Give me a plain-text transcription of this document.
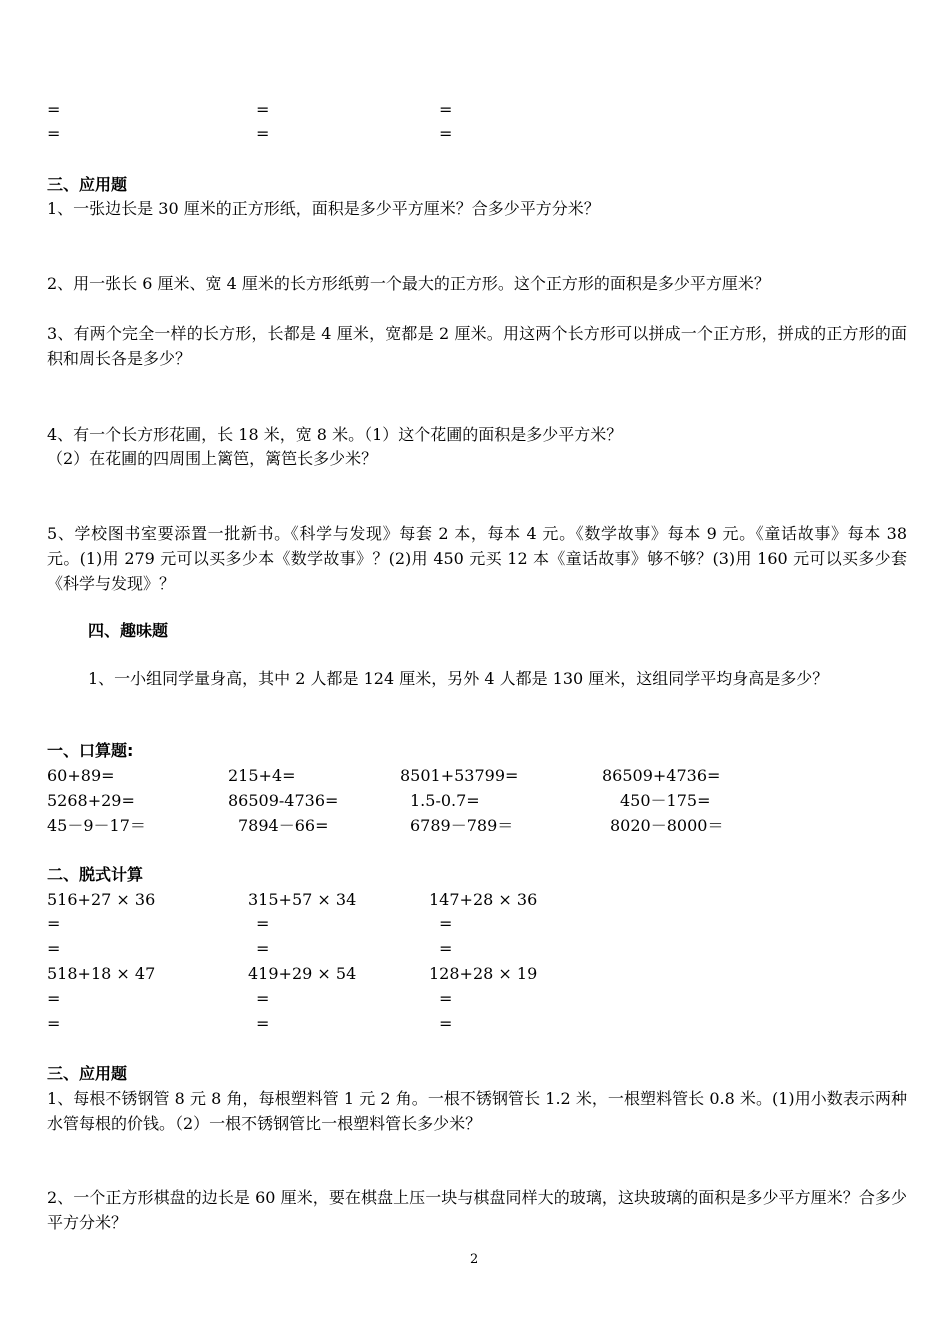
=	=	=
=	=	=
三、应用题
1、一张边长是 30 厘米的正方形纸，面积是多少平方厘米？合多少平方分米？
2、用一张长 6 厘米、宽 4 厘米的长方形纸剪一个最大的正方形。这个正方形的面积是多少平方厘米？
3、有两个完全一样的长方形，长都是 4 厘米，宽都是 2 厘米。用这两个长方形可以拼成一个正方形，拼成的正方形的面积和周长各是多少？
4、有一个长方形花圃，长 18 米，宽 8 米。（1）这个花圃的面积是多少平方米？
（2）在花圃的四周围上篱笆，篱笆长多少米？
5、学校图书室要添置一批新书。《科学与发现》每套 2 本，每本 4 元。《数学故事》每本 9 元。《童话故事》每本 38 元。(1)用 279 元可以买多少本《数学故事》？(2)用 450 元买 12 本《童话故事》够不够？(3)用 160 元可以买多少套《科学与发现》？
四、趣味题
1、一小组同学量身高，其中 2 人都是 124 厘米，另外 4 人都是 130 厘米，这组同学平均身高是多少？
一、口算题:
60+89=	215+4=	8501+53799=	86509+4736=
5268+29=	86509-4736=	1.5-0.7=	450－175=
45－9－17＝	7894－66=	6789－789＝	8020－8000＝
二、脱式计算
516+27 × 36	315+57 × 34	147+28 × 36
=	=	=
=	=	=
518+18 × 47	419+29 × 54	128+28 × 19
=	=	=
=	=	=
三、应用题
1、每根不锈钢管 8 元 8 角，每根塑料管 1 元 2 角。一根不锈钢管长 1.2 米，一根塑料管长 0.8 米。(1)用小数表示两种水管每根的价钱。（2）一根不锈钢管比一根塑料管长多少米？
2、一个正方形棋盘的边长是 60 厘米，要在棋盘上压一块与棋盘同样大的玻璃，这块玻璃的面积是多少平方厘米？合多少平方分米？
2
